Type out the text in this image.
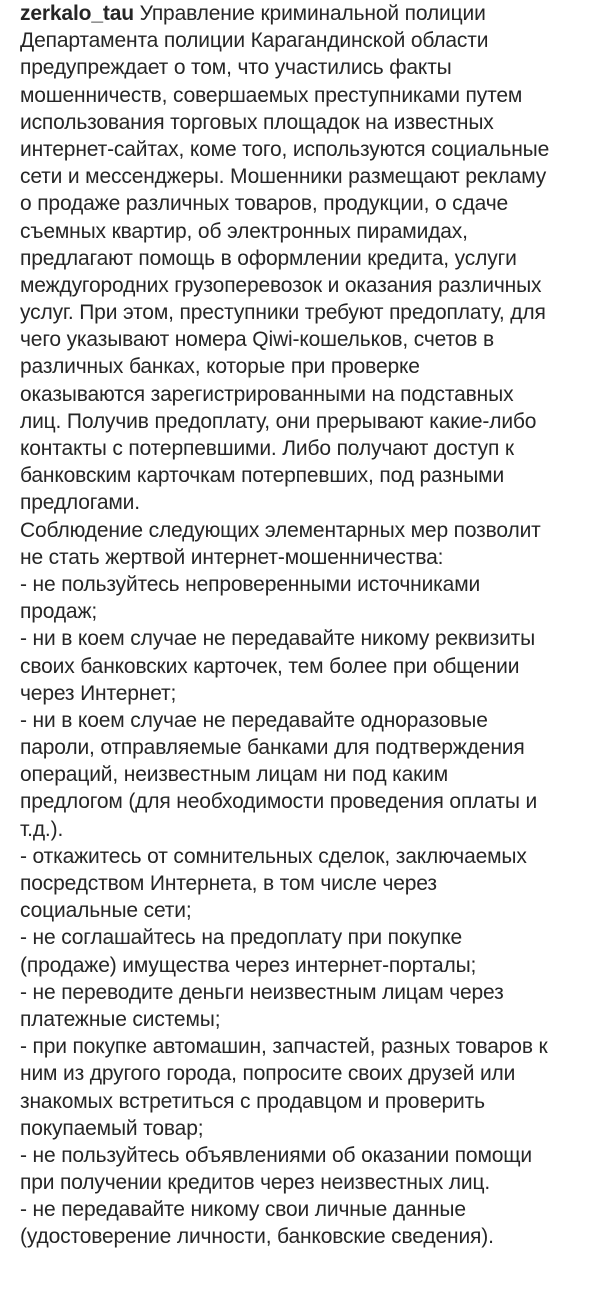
zerkalo_tau Управление криминальной полиции
Департамента полиции Карагандинской области
предупреждает о том, что участились факты
мошенничеств, совершаемых преступниками путем
использования торговых площадок на известных
интернет-сайтах, коме того, используются социальные
сети и мессенджеры. Мошенники размещают рекламу
о продаже различных товаров, продукции, о сдаче
съемных квартир, об электронных пирамидах,
предлагают помощь в оформлении кредита, услуги
междугородних грузоперевозок и оказания различных
услуг. При этом, преступники требуют предоплату, для
чего указывают номера Qiwi-кошельков, счетов в
различных банках, которые при проверке
оказываются зарегистрированными на подставных
лиц. Получив предоплату, они прерывают какие-либо
контакты с потерпевшими. Либо получают доступ к
банковским карточкам потерпевших, под разными
предлогами.
Соблюдение следующих элементарных мер позволит
не стать жертвой интернет-мошенничества:
- не пользуйтесь непроверенными источниками
продаж;
- ни в коем случае не передавайте никому реквизиты
своих банковских карточек, тем более при общении
через Интернет;
- ни в коем случае не передавайте одноразовые
пароли, отправляемые банками для подтверждения
операций, неизвестным лицам ни под каким
предлогом (для необходимости проведения оплаты и
т.д.).
- откажитесь от сомнительных сделок, заключаемых
посредством Интернета, в том числе через
социальные сети;
- не соглашайтесь на предоплату при покупке
(продаже) имущества через интернет-порталы;
- не переводите деньги неизвестным лицам через
платежные системы;
- при покупке автомашин, запчастей, разных товаров к
ним из другого города, попросите своих друзей или
знакомых встретиться с продавцом и проверить
покупаемый товар;
- не пользуйтесь объявлениями об оказании помощи
при получении кредитов через неизвестных лиц.
- не передавайте никому свои личные данные
(удостоверение личности, банковские сведения).
